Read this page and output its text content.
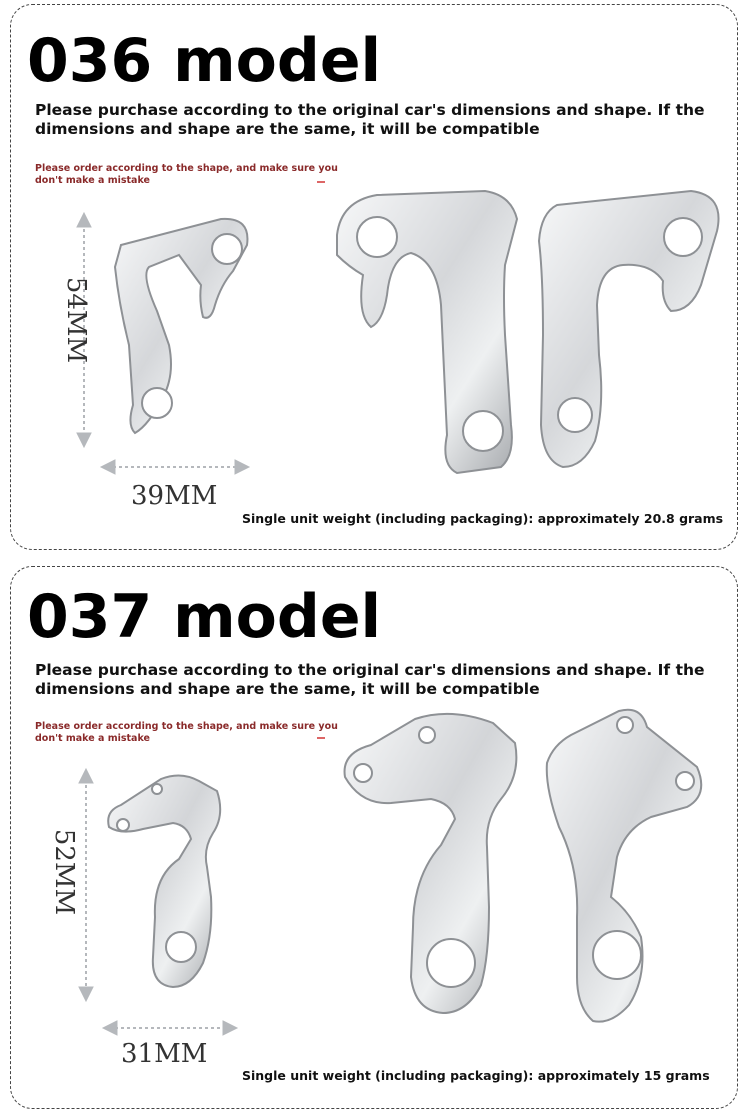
036 model
Please purchase according to the original car's dimensions and shape. If the dimensions and shape are the same, it will be compatible
Please order according to the shape, and make sure you don't make a mistake
54MM
39MM
Single unit weight (including packaging): approximately 20.8 grams
037 model
Please purchase according to the original car's dimensions and shape. If the dimensions and shape are the same, it will be compatible
Please order according to the shape, and make sure you don't make a mistake
52MM
31MM
Single unit weight (including packaging): approximately 15 grams
